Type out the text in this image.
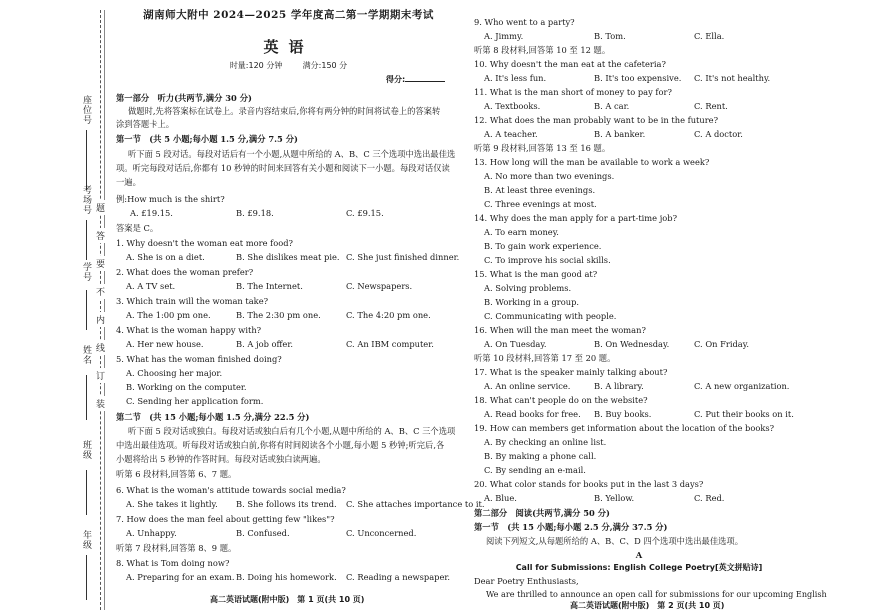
座位号
考场号
学号
姓名
班级
年级
题
答
要
不
内
线
订
装
湖南师大附中 2024—2025 学年度高二第一学期期末考试
英语
时量:120 分钟	满分:150 分
得分:
第一部分　听力(共两节,满分 30 分)
做题时,先将答案标在试卷上。录音内容结束后,你将有两分钟的时间将试卷上的答案转
涂到答题卡上。
第一节　(共 5 小题;每小题 1.5 分,满分 7.5 分)
听下面 5 段对话。每段对话后有一个小题,从题中所给的 A、B、C 三个选项中选出最佳选
项。听完每段对话后,你都有 10 秒钟的时间来回答有关小题和阅读下一小题。每段对话仅读
一遍。
例:How much is the shirt?
A. £19.15.	B. £9.18.	C. £9.15.
答案是 C。
1. Why doesn't the woman eat more food?
A. She is on a diet.	B. She dislikes meat pie. C. She just finished dinner.
2. What does the woman prefer?
A. A TV set.	B. The Internet.	C. Newspapers.
3. Which train will the woman take?
A. The 1:00 pm one.	B. The 2:30 pm one.	C. The 4:20 pm one.
4. What is the woman happy with?
A. Her new house.	B. A job offer.	C. An IBM computer.
5. What has the woman finished doing?
A. Choosing her major.
B. Working on the computer.
C. Sending her application form.
第二节　(共 15 小题;每小题 1.5 分,满分 22.5 分)
听下面 5 段对话或独白。每段对话或独白后有几个小题,从题中所给的 A、B、C 三个选项
中选出最佳选项。听每段对话或独白前,你将有时间阅读各个小题,每小题 5 秒钟;听完后,各
小题将给出 5 秒钟的作答时间。每段对话或独白读两遍。
听第 6 段材料,回答第 6、7 题。
6. What is the woman's attitude towards social media?
A. She takes it lightly. B. She follows its trend. C. She attaches importance to it.
7. How does the man feel about getting few "likes"?
A. Unhappy.	B. Confused.	C. Unconcerned.
听第 7 段材料,回答第 8、9 题。
8. What is Tom doing now?
A. Preparing for an exam. B. Doing his homework. C. Reading a newspaper.
9. Who went to a party?
A. Jimmy.	B. Tom.	C. Ella.
听第 8 段材料,回答第 10 至 12 题。
10. Why doesn't the man eat at the cafeteria?
A. It's less fun.	B. It's too expensive. C. It's not healthy.
11. What is the man short of money to pay for?
A. Textbooks.	B. A car.	C. Rent.
12. What does the man probably want to be in the future?
A. A teacher.	B. A banker.	C. A doctor.
听第 9 段材料,回答第 13 至 16 题。
13. How long will the man be available to work a week?
A. No more than two evenings.
B. At least three evenings.
C. Three evenings at most.
14. Why does the man apply for a part-time job?
A. To earn money.
B. To gain work experience.
C. To improve his social skills.
15. What is the man good at?
A. Solving problems.
B. Working in a group.
C. Communicating with people.
16. When will the man meet the woman?
A. On Tuesday.	B. On Wednesday.	C. On Friday.
听第 10 段材料,回答第 17 至 20 题。
17. What is the speaker mainly talking about?
A. An online service.	B. A library.	C. A new organization.
18. What can't people do on the website?
A. Read books for free. B. Buy books.	C. Put their books on it.
19. How can members get information about the location of the books?
A. By checking an online list.
B. By making a phone call.
C. By sending an e-mail.
20. What color stands for books put in the last 3 days?
A. Blue.	B. Yellow.	C. Red.
第二部分　阅读(共两节,满分 50 分)
第一节　(共 15 小题;每小题 2.5 分,满分 37.5 分)
阅读下列短文,从每题所给的 A、B、C、D 四个选项中选出最佳选项。
A
Call for Submissions: English College Poetry[英文拼贴诗]
Dear Poetry Enthusiasts,
We are thrilled to announce an open call for submissions for our upcoming English
高二英语试题(附中版)　第 1 页(共 10 页)
高二英语试题(附中版)　第 2 页(共 10 页)
